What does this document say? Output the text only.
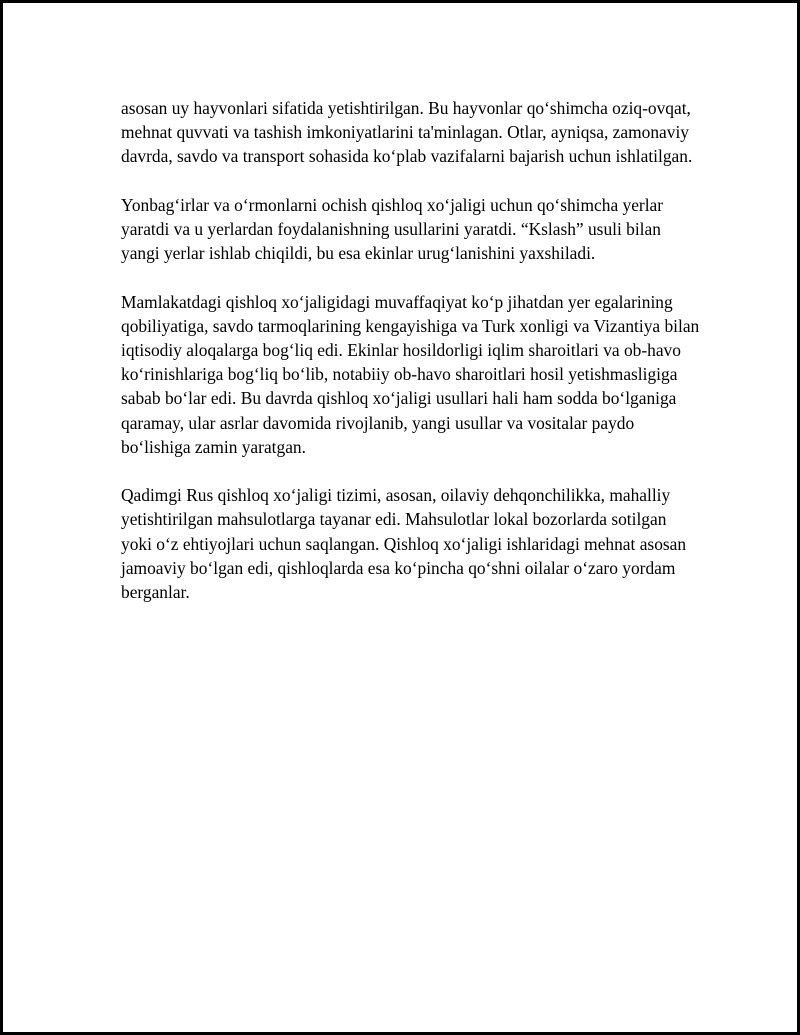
asosan uy hayvonlari sifatida yetishtirilgan. Bu hayvonlar qo‘shimcha oziq-ovqat, mehnat quvvati va tashish imkoniyatlarini ta'minlagan. Otlar, ayniqsa, zamonaviy davrda, savdo va transport sohasida ko‘plab vazifalarni bajarish uchun ishlatilgan.

Yonbag‘irlar va o‘rmonlarni ochish qishloq xo‘jaligi uchun qo‘shimcha yerlar yaratdi va u yerlardan foydalanishning usullarini yaratdi. “Kslash” usuli bilan yangi yerlar ishlab chiqildi, bu esa ekinlar urug‘lanishini yaxshiladi.

Mamlakatdagi qishloq xo‘jaligidagi muvaffaqiyat ko‘p jihatdan yer egalarining qobiliyatiga, savdo tarmoqlarining kengayishiga va Turk xonligi va Vizantiya bilan iqtisodiy aloqalarga bog‘liq edi. Ekinlar hosildorligi iqlim sharoitlari va ob-havo ko‘rinishlariga bog‘liq bo‘lib, notabiiy ob-havo sharoitlari hosil yetishmasligiga sabab bo‘lar edi. Bu davrda qishloq xo‘jaligi usullari hali ham sodda bo‘lganiga qaramay, ular asrlar davomida rivojlanib, yangi usullar va vositalar paydo bo‘lishiga zamin yaratgan.

Qadimgi Rus qishloq xo‘jaligi tizimi, asosan, oilaviy dehqonchilikka, mahalliy yetishtirilgan mahsulotlarga tayanar edi. Mahsulotlar lokal bozorlarda sotilgan yoki o‘z ehtiyojlari uchun saqlangan. Qishloq xo‘jaligi ishlaridagi mehnat asosan jamoaviy bo‘lgan edi, qishloqlarda esa ko‘pincha qo‘shni oilalar o‘zaro yordam berganlar.
